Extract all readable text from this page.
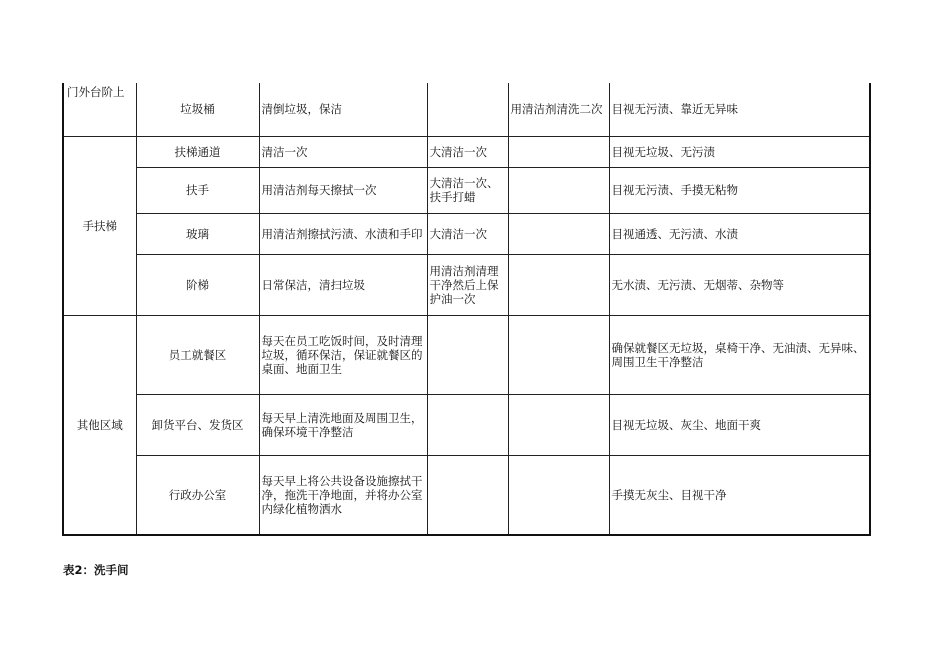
门外台阶上	垃圾桶	清倒垃圾，保洁		用清洁剂清洗二次	目视无污渍、靠近无异味
手扶梯	扶梯通道	清洁一次	大清洁一次		目视无垃圾、无污渍
	扶手	用清洁剂每天擦拭一次	大清洁一次、扶手打蜡		目视无污渍、手摸无粘物
	玻璃	用清洁剂擦拭污渍、水渍和手印	大清洁一次		目视通透、无污渍、水渍
	阶梯	日常保洁，清扫垃圾	用清洁剂清理干净然后上保护油一次		无水渍、无污渍、无烟蒂、杂物等
其他区域	员工就餐区	每天在员工吃饭时间，及时清理垃圾，循环保洁，保证就餐区的桌面、地面卫生			确保就餐区无垃圾，桌椅干净、无油渍、无异味、周围卫生干净整洁
	卸货平台、发货区	每天早上清洗地面及周围卫生，确保环境干净整洁			目视无垃圾、灰尘、地面干爽
	行政办公室	每天早上将公共设备设施擦拭干净，拖洗干净地面，并将办公室内绿化植物洒水			手摸无灰尘、目视干净
表2：洗手间
